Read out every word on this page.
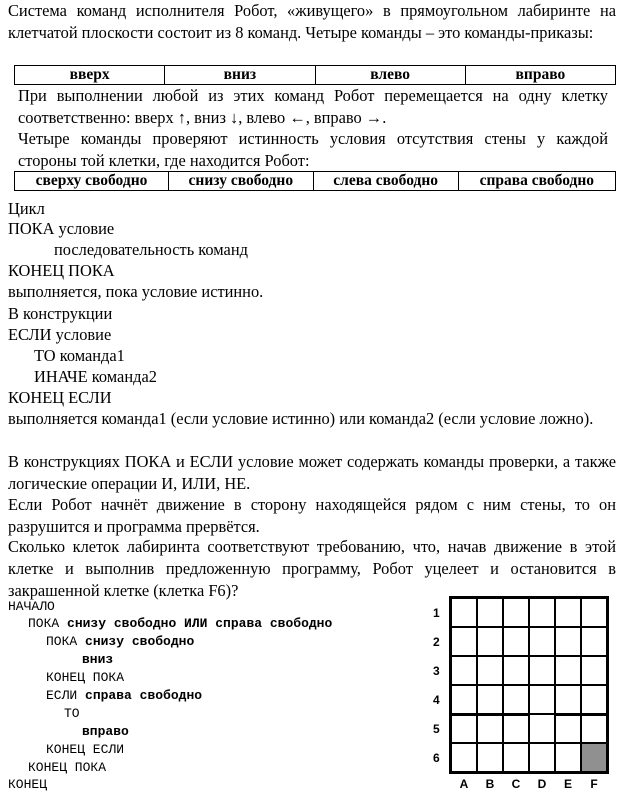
Система команд исполнителя Робот, «живущего» в прямоугольном лабиринте на клетчатой плоскости состоит из 8 команд. Четыре команды – это команды-приказы:
вверх	вниз	влево	вправо
При выполнении любой из этих команд Робот перемещается на одну клетку соответственно: вверх ↑, вниз ↓, влево ←, вправо →.
Четыре команды проверяют истинность условия отсутствия стены у каждой стороны той клетки, где находится Робот:
сверху свободно	снизу свободно	слева свободно	справа свободно
Цикл
ПОКА условие
последовательность команд
КОНЕЦ ПОКА
выполняется, пока условие истинно.
В конструкции
ЕСЛИ условие
ТО команда1
ИНАЧЕ команда2
КОНЕЦ ЕСЛИ
выполняется команда1 (если условие истинно) или команда2 (если условие ложно).
В конструкциях ПОКА и ЕСЛИ условие может содержать команды проверки, а также логические операции И, ИЛИ, НЕ.
Если Робот начнёт движение в сторону находящейся рядом с ним стены, то он разрушится и программа прервётся.
Сколько клеток лабиринта соответствуют требованию, что, начав движение в этой клетке и выполнив предложенную программу, Робот уцелеет и остановится в закрашенной клетке (клетка F6)?
НАЧАЛО
ПОКА снизу свободно ИЛИ справа свободно
ПОКА снизу свободно
вниз
КОНЕЦ ПОКА
ЕСЛИ справа свободно
ТО
вправо
КОНЕЦ ЕСЛИ
КОНЕЦ ПОКА
КОНЕЦ
1
2
3
4
5
6
A	B	C	D	E	F
